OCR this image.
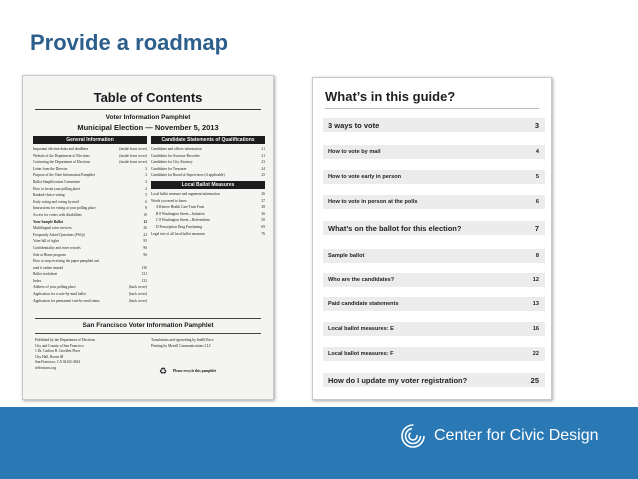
Provide a roadmap
Table of Contents
Voter Information Pamphlet
Municipal Election — November 5, 2013
General Information
Important election dates and deadlines	(inside front cover)
Website of the Department of Elections	(inside front cover)
Contacting the Department of Elections	(inside front cover)
Letter from the Director	3
Purpose of the Voter Information Pamphlet	3
Ballot Simplification Committee	3
How to locate your polling place	4
Ranked-choice voting	5
Early voting and voting by mail	6
Instructions for voting at your polling place	8
Access for voters with disabilities	10
Your Sample Ballot	12
Multilingual voter services	20
Frequently Asked Questions (FAQs)	22
Voter bill of rights	95
Confidentiality and voter records	96
Safe at Home program	96
How to stop receiving the paper pamphlet and
read it online instead	130
Ballot worksheet	131
Index	132
Address of your polling place	(back cover)
Application for a vote-by-mail ballot	(back cover)
Application for permanent vote-by-mail status	(back cover)
Candidate Statements of Qualifications
Candidates and offices information	21
Candidates for Assessor-Recorder	21
Candidates for City Attorney	23
Candidates for Treasurer	24
Candidates for Board of Supervisors (if applicable)	25
Local Ballot Measures
Local ballot measure and argument information	26
Words you need to know	27
A Retiree Health Care Trust Fund	28
B 8 Washington Street—Initiative	36
C 8 Washington Street—Referendum	50
D Prescription Drug Purchasing	69
Legal text of all local ballot measures	76
San Francisco Voter Information Pamphlet
Published by the Department of Elections
City and County of San Francisco
1 Dr. Carlton B. Goodlett Place
City Hall, Room 48
San Francisco, CA 94102-4634
sfelections.org
Translations and typesetting by IntelliVoice
Printing by Merrill Communications LLC
♻ Please recycle this pamphlet
What’s in this guide?
3 ways to vote	3
How to vote by mail	4
How to vote early in person	5
How to vote in person at the polls	6
What’s on the ballot for this election?	7
Sample ballot	8
Who are the candidates?	12
Paid candidate statements	13
Local ballot measures: E	16
Local ballot measures: F	22
How do I update my voter registration?	25
Center for Civic Design
